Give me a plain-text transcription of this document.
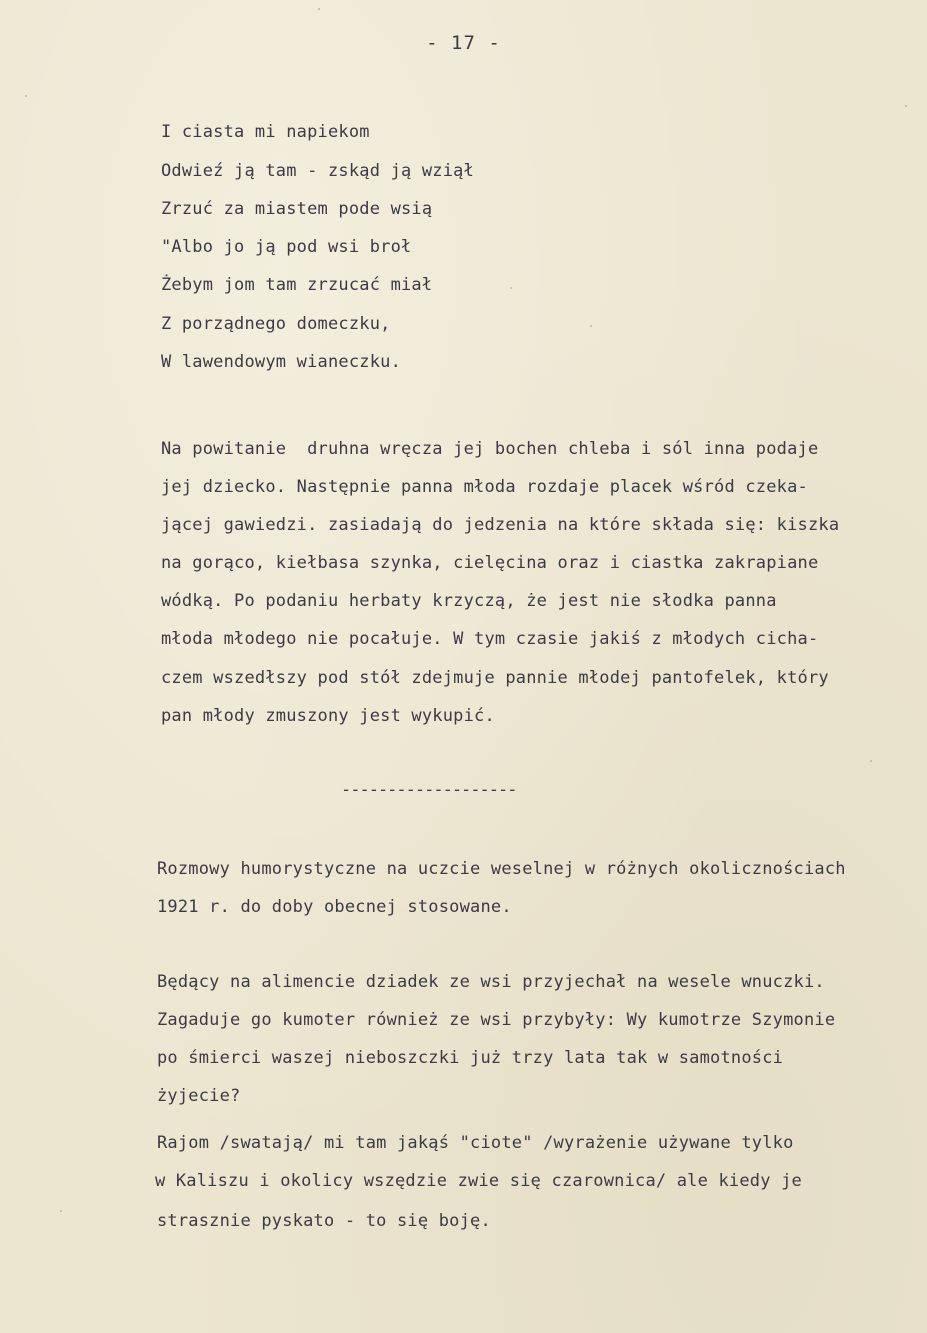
- 17 -
I ciasta mi napiekom
Odwieź ją tam - zskąd ją wziął
Zrzuć za miastem pode wsią
"Albo jo ją pod wsi broł
Żebym jom tam zrzucać miał
Z porządnego domeczku,
W lawendowym wianeczku.
Na powitanie  druhna wręcza jej bochen chleba i sól inna podaje
jej dziecko. Następnie panna młoda rozdaje placek wśród czeka-
jącej gawiedzi. zasiadają do jedzenia na które składa się: kiszka
na gorąco, kiełbasa szynka, cielęcina oraz i ciastka zakrapiane
wódką. Po podaniu herbaty krzyczą, że jest nie słodka panna
młoda młodego nie pocałuje. W tym czasie jakiś z młodych cicha-
czem wszedłszy pod stół zdejmuje pannie młodej pantofelek, który
pan młody zmuszony jest wykupić.
-------------------
Rozmowy humorystyczne na uczcie weselnej w różnych okolicznościach
1921 r. do doby obecnej stosowane.
Będący na alimencie dziadek ze wsi przyjechał na wesele wnuczki.
Zagaduje go kumoter również ze wsi przybyły: Wy kumotrze Szymonie
po śmierci waszej nieboszczki już trzy lata tak w samotności
żyjecie?
Rajom /swatają/ mi tam jakąś "ciote" /wyrażenie używane tylko
w Kaliszu i okolicy wszędzie zwie się czarownica/ ale kiedy je
strasznie pyskato - to się boję.
